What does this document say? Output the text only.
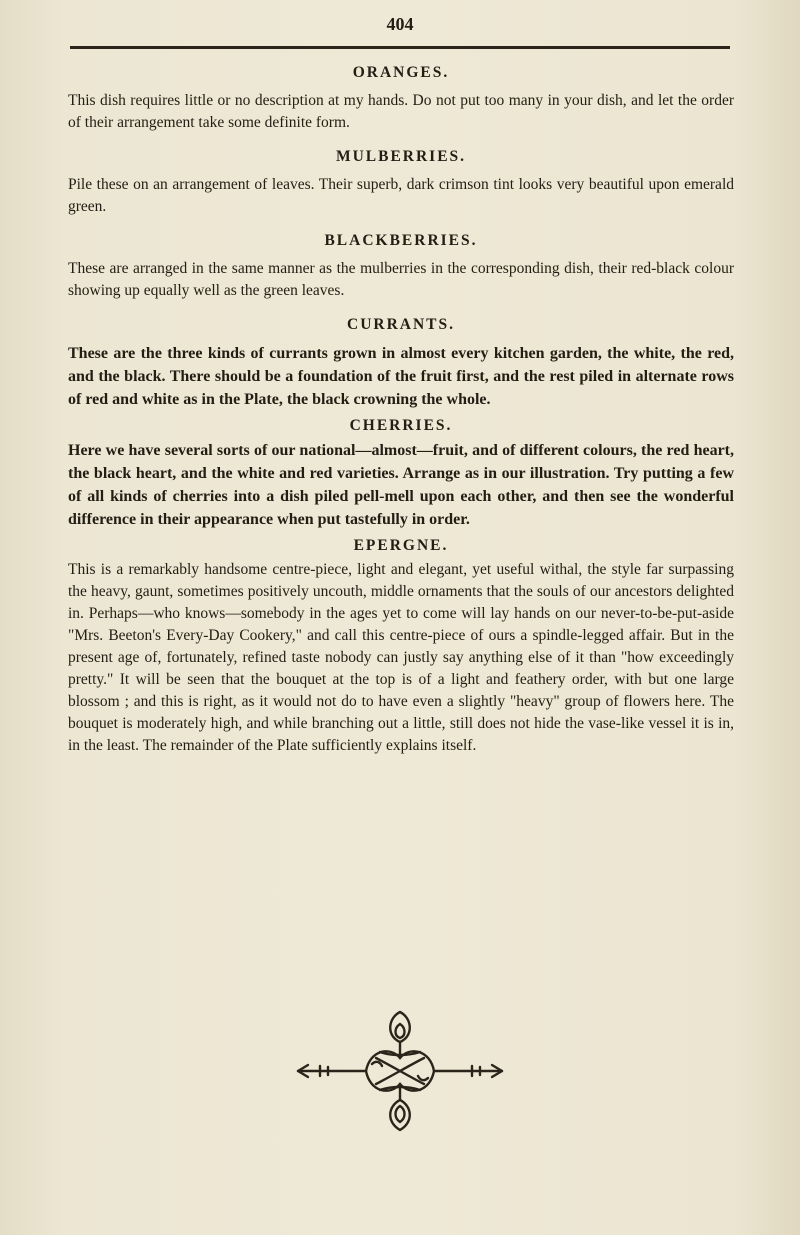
404
ORANGES.

This dish requires little or no description at my hands. Do not put too many in your dish, and let the order of their arrangement take some definite form.

MULBERRIES.

Pile these on an arrangement of leaves. Their superb, dark crimson tint looks very beautiful upon emerald green.

BLACKBERRIES.

These are arranged in the same manner as the mulberries in the corresponding dish, their red-black colour showing up equally well as the green leaves.

CURRANTS.

These are the three kinds of currants grown in almost every kitchen garden, the white, the red, and the black. There should be a foundation of the fruit first, and the rest piled in alternate rows of red and white as in the Plate, the black crowning the whole.

CHERRIES.

Here we have several sorts of our national—almost—fruit, and of different colours, the red heart, the black heart, and the white and red varieties. Arrange as in our illustration. Try putting a few of all kinds of cherries into a dish piled pell-mell upon each other, and then see the wonderful difference in their appearance when put tastefully in order.

EPERGNE.

This is a remarkably handsome centre-piece, light and elegant, yet useful withal, the style far surpassing the heavy, gaunt, sometimes positively uncouth, middle ornaments that the souls of our ancestors delighted in. Perhaps—who knows—somebody in the ages yet to come will lay hands on our never-to-be-put-aside "Mrs. Beeton's Every-Day Cookery," and call this centre-piece of ours a spindle-legged affair. But in the present age of, fortunately, refined taste nobody can justly say anything else of it than "how exceedingly pretty." It will be seen that the bouquet at the top is of a light and feathery order, with but one large blossom ; and this is right, as it would not do to have even a slightly "heavy" group of flowers here. The bouquet is moderately high, and while branching out a little, still does not hide the vase-like vessel it is in, in the least. The remainder of the Plate sufficiently explains itself.
